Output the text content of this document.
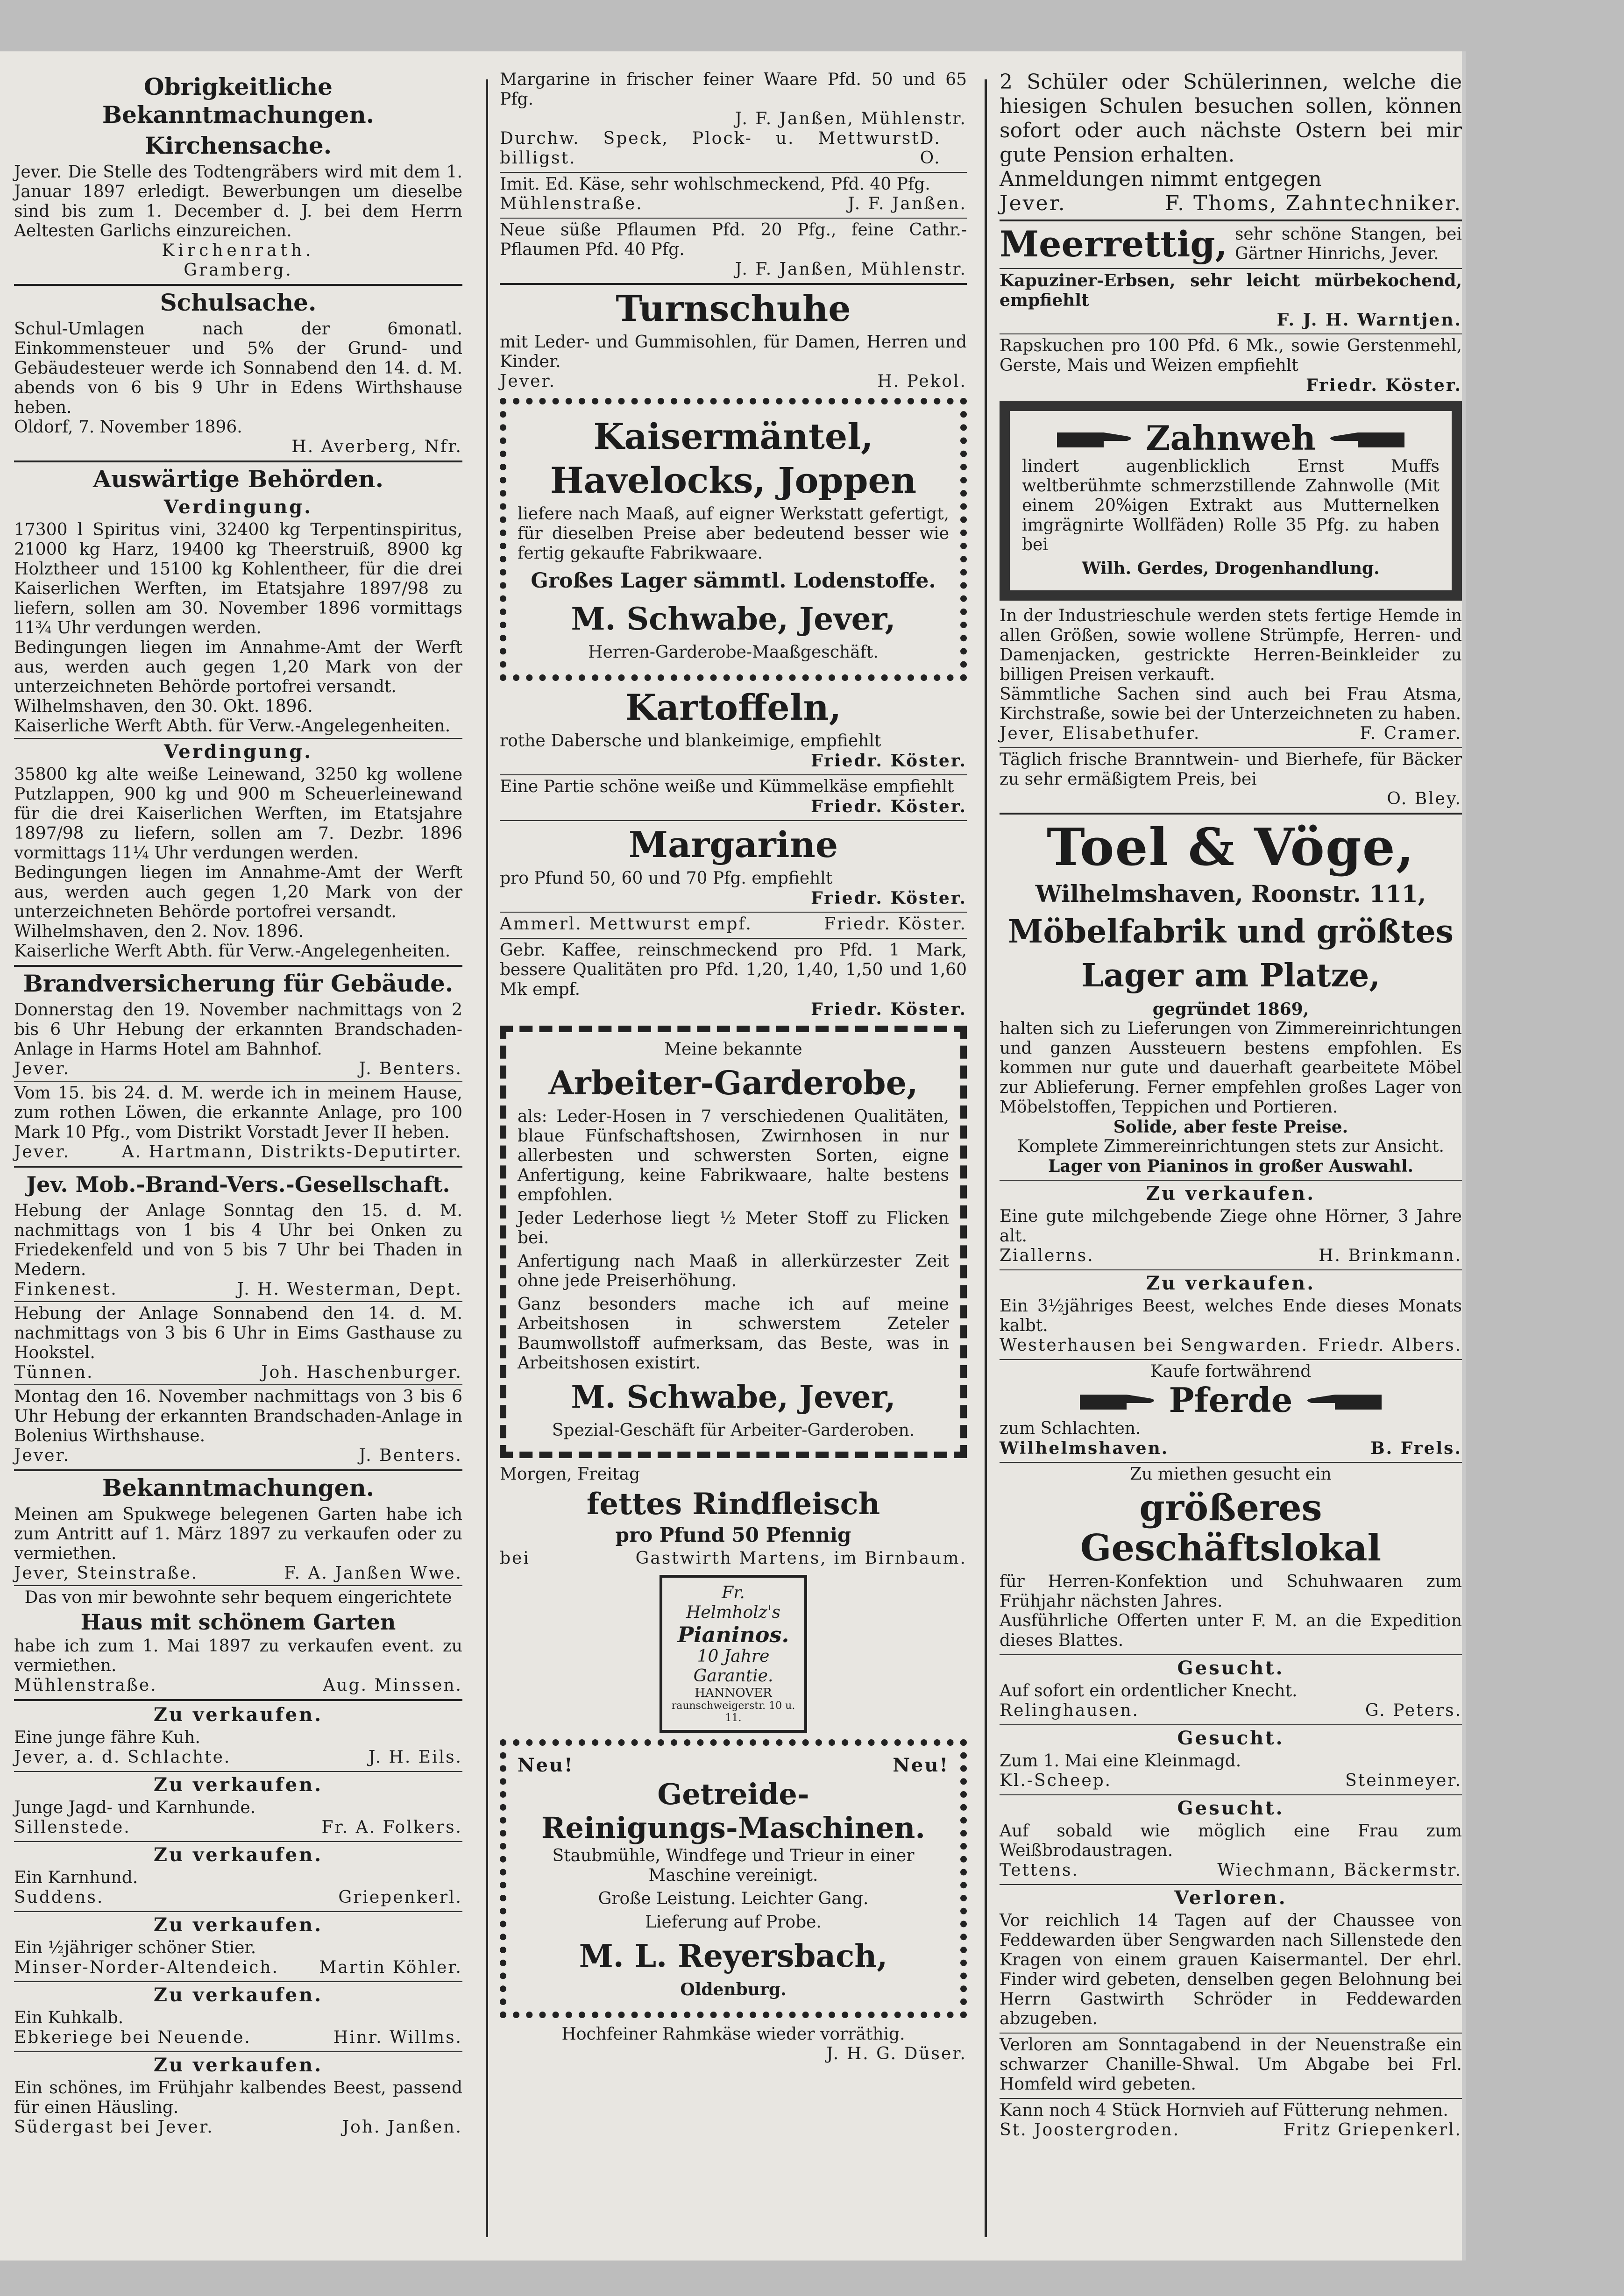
Obrigkeitliche Bekanntmachungen.
Kirchensache.

Jever. Die Stelle des Todtengräbers wird mit dem 1. Januar 1897 erledigt. Bewerbungen um dieselbe sind bis zum 1. December d. J. bei dem Herrn Aeltesten Garlichs einzureichen.

Kirchenrath.
Gramberg.
Schulsache.

Schul-Umlagen nach der 6monatl. Einkommensteuer und 5% der Grund- und Gebäudesteuer werde ich Sonnabend den 14. d. M. abends von 6 bis 9 Uhr in Edens Wirthshause heben.

Oldorf, 7. November 1896.

H. Averberg, Nfr.
Auswärtige Behörden.
Verdingung.

17300 l Spiritus vini, 32400 kg Terpentinspiritus, 21000 kg Harz, 19400 kg Theerstruiß, 8900 kg Holztheer und 15100 kg Kohlentheer, für die drei Kaiserlichen Werften, im Etatsjahre 1897/98 zu liefern, sollen am 30. November 1896 vormittags 11¾ Uhr verdungen werden.

Bedingungen liegen im Annahme-Amt der Werft aus, werden auch gegen 1,20 Mark von der unterzeichneten Behörde portofrei versandt.

Wilhelmshaven, den 30. Okt. 1896.

Kaiserliche Werft Abth. für Verw.-Angelegenheiten.

Verdingung.

35800 kg alte weiße Leinewand, 3250 kg wollene Putzlappen, 900 kg und 900 m Scheuerleinewand für die drei Kaiserlichen Werften, im Etatsjahre 1897/98 zu liefern, sollen am 7. Dezbr. 1896 vormittags 11¼ Uhr verdungen werden.

Bedingungen liegen im Annahme-Amt der Werft aus, werden auch gegen 1,20 Mark von der unterzeichneten Behörde portofrei versandt.

Wilhelmshaven, den 2. Nov. 1896.

Kaiserliche Werft Abth. für Verw.-Angelegenheiten.

Brandversicherung für Gebäude.

Donnerstag den 19. November nachmittags von 2 bis 6 Uhr Hebung der erkannten Brandschaden-Anlage in Harms Hotel am Bahnhof.

Jever.	J. Benters.

Vom 15. bis 24. d. M. werde ich in meinem Hause, zum rothen Löwen, die erkannte Anlage, pro 100 Mark 10 Pfg., vom Distrikt Vorstadt Jever II heben.

Jever.	A. Hartmann, Distrikts-Deputirter.
Jev. Mob.-Brand-Vers.-Gesellschaft.

Hebung der Anlage Sonntag den 15. d. M. nachmittags von 1 bis 4 Uhr bei Onken zu Friedekenfeld und von 5 bis 7 Uhr bei Thaden in Medern.

Finkenest.	J. H. Westerman, Dept.

Hebung der Anlage Sonnabend den 14. d. M. nachmittags von 3 bis 6 Uhr in Eims Gasthause zu Hookstel.

Tünnen.	Joh. Haschenburger.

Montag den 16. November nachmittags von 3 bis 6 Uhr Hebung der erkannten Brandschaden-Anlage in Bolenius Wirthshause.

Jever.	J. Benters.
Bekanntmachungen.

Meinen am Spukwege belegenen Garten habe ich zum Antritt auf 1. März 1897 zu verkaufen oder zu vermiethen.

Jever, Steinstraße.	F. A. Janßen Wwe.

Das von mir bewohnte sehr bequem eingerichtete

Haus mit schönem Garten

habe ich zum 1. Mai 1897 zu verkaufen event. zu vermiethen.

Mühlenstraße.	Aug. Minssen.
Zu verkaufen.

Eine junge fähre Kuh.

Jever, a. d. Schlachte.	J. H. Eils.
Zu verkaufen.

Junge Jagd- und Karnhunde.

Sillenstede.	Fr. A. Folkers.
Zu verkaufen.

Ein Karnhund.

Suddens.	Griepenkerl.
Zu verkaufen.

Ein ½jähriger schöner Stier.

Minser-Norder-Altendeich. Martin Köhler.
Zu verkaufen.

Ein Kuhkalb.

Ebkeriege bei Neuende.	Hinr. Willms.
Zu verkaufen.

Ein schönes, im Frühjahr kalbendes Beest, passend für einen Häusling.

Südergast bei Jever.	Joh. Janßen.

Margarine in frischer feiner Waare Pfd. 50 und 65 Pfg.

J. F. Janßen, Mühlenstr.
Durchw. Speck, Plock- u. Mettwurst billigst.
D. O.

Imit. Ed. Käse, sehr wohlschmeckend, Pfd. 40 Pfg.

Mühlenstraße.	J. F. Janßen.

Neue süße Pflaumen Pfd. 20 Pfg., feine Cathr.-Pflaumen Pfd. 40 Pfg.

J. F. Janßen, Mühlenstr.
Turnschuhe

mit Leder- und Gummisohlen, für Damen, Herren und Kinder.

Jever.	H. Pekol.
Kaisermäntel,
Havelocks, Joppen

liefere nach Maaß, auf eigner Werkstatt gefertigt, für dieselben Preise aber bedeutend besser wie fertig gekaufte Fabrikwaare.

Großes Lager sämmtl. Lodenstoffe.
M. Schwabe, Jever,
Herren-Garderobe-Maaßgeschäft.
Kartoffeln,

rothe Dabersche und blankeimige, empfiehlt

Friedr. Köster.

Eine Partie schöne weiße und Kümmelkäse empfiehlt

Friedr. Köster.
Margarine

pro Pfund 50, 60 und 70 Pfg. empfiehlt

Friedr. Köster.
Ammerl. Mettwurst empf.	Friedr. Köster.

Gebr. Kaffee, reinschmeckend pro Pfd. 1 Mark, bessere Qualitäten pro Pfd. 1,20, 1,40, 1,50 und 1,60 Mk empf.

Friedr. Köster.
Meine bekannte
Arbeiter-Garderobe,

als: Leder-Hosen in 7 verschiedenen Qualitäten, blaue Fünfschaftshosen, Zwirnhosen in nur allerbesten und schwersten Sorten, eigne Anfertigung, keine Fabrikwaare, halte bestens empfohlen.

Jeder Lederhose liegt ½ Meter Stoff zu Flicken bei.

Anfertigung nach Maaß in allerkürzester Zeit ohne jede Preiserhöhung.

Ganz besonders mache ich auf meine Arbeitshosen in schwerstem Zeteler Baumwollstoff aufmerksam, das Beste, was in Arbeitshosen existirt.

M. Schwabe, Jever,
Spezial-Geschäft für Arbeiter-Garderoben.
Morgen, Freitag
fettes Rindfleisch
pro Pfund 50 Pfennig
bei	Gastwirth Martens, im Birnbaum.
Fr.
Helmholz's
Pianinos.
10 Jahre
Garantie.
HANNOVER
raunschweigerstr. 10 u. 11.
Neu!	Neu!
Getreide-
Reinigungs-Maschinen.

Staubmühle, Windfege und Trieur in einer Maschine vereinigt.

Große Leistung. Leichter Gang.

Lieferung auf Probe.

M. L. Reyersbach,
Oldenburg.

Hochfeiner Rahmkäse wieder vorräthig.

J. H. G. Düser.

2 Schüler oder Schülerinnen, welche die hiesigen Schulen besuchen sollen, können sofort oder auch nächste Ostern bei mir gute Pension erhalten.

Anmeldungen nimmt entgegen

Jever.	F. Thoms, Zahntechniker.
Meerrettig, sehr schöne Stangen, bei Gärtner Hinrichs, Jever.

Kapuziner-Erbsen, sehr leicht mürbekochend, empfiehlt

F. J. H. Warntjen.

Rapskuchen pro 100 Pfd. 6 Mk., sowie Gerstenmehl, Gerste, Mais und Weizen empfiehlt

Friedr. Köster.
Zahnweh

lindert augenblicklich Ernst Muffs weltberühmte schmerzstillende Zahnwolle (Mit einem 20%igen Extrakt aus Mutternelken imgrägnirte Wollfäden) Rolle 35 Pfg. zu haben bei

Wilh. Gerdes, Drogenhandlung.

In der Industrieschule werden stets fertige Hemde in allen Größen, sowie wollene Strümpfe, Herren- und Damenjacken, gestrickte Herren-Beinkleider zu billigen Preisen verkauft.

Sämmtliche Sachen sind auch bei Frau Atsma, Kirchstraße, sowie bei der Unterzeichneten zu haben.

Jever, Elisabethufer.	F. Cramer.

Täglich frische Branntwein- und Bierhefe, für Bäcker zu sehr ermäßigtem Preis, bei

O. Bley.
Toel & Vöge,
Wilhelmshaven, Roonstr. 111,
Möbelfabrik und größtes
Lager am Platze,
gegründet 1869,

halten sich zu Lieferungen von Zimmereinrichtungen und ganzen Aussteuern bestens empfohlen. Es kommen nur gute und dauerhaft gearbeitete Möbel zur Ablieferung. Ferner empfehlen großes Lager von Möbelstoffen, Teppichen und Portieren.

Solide, aber feste Preise.
Komplete Zimmereinrichtungen stets zur Ansicht.
Lager von Pianinos in großer Auswahl.
Zu verkaufen.

Eine gute milchgebende Ziege ohne Hörner, 3 Jahre alt.

Ziallerns.	H. Brinkmann.
Zu verkaufen.

Ein 3½jähriges Beest, welches Ende dieses Monats kalbt.

Westerhausen bei Sengwarden. Friedr. Albers.
Kaufe fortwährend
Pferde

zum Schlachten.

Wilhelmshaven.	B. Frels.
Zu miethen gesucht ein
größeres Geschäftslokal

für Herren-Konfektion und Schuhwaaren zum Frühjahr nächsten Jahres.

Ausführliche Offerten unter F. M. an die Expedition dieses Blattes.

Gesucht.

Auf sofort ein ordentlicher Knecht.

Relinghausen.	G. Peters.
Gesucht.

Zum 1. Mai eine Kleinmagd.

Kl.-Scheep.	Steinmeyer.
Gesucht.

Auf sobald wie möglich eine Frau zum Weißbrodaustragen.

Tettens.	Wiechmann, Bäckermstr.
Verloren.

Vor reichlich 14 Tagen auf der Chaussee von Feddewarden über Sengwarden nach Sillenstede den Kragen von einem grauen Kaisermantel. Der ehrl. Finder wird gebeten, denselben gegen Belohnung bei Herrn Gastwirth Schröder in Feddewarden abzugeben.

Verloren am Sonntagabend in der Neuenstraße ein schwarzer Chanille-Shwal. Um Abgabe bei Frl. Homfeld wird gebeten.

Kann noch 4 Stück Hornvieh auf Fütterung nehmen.

St. Joostergroden.	Fritz Griepenkerl.
